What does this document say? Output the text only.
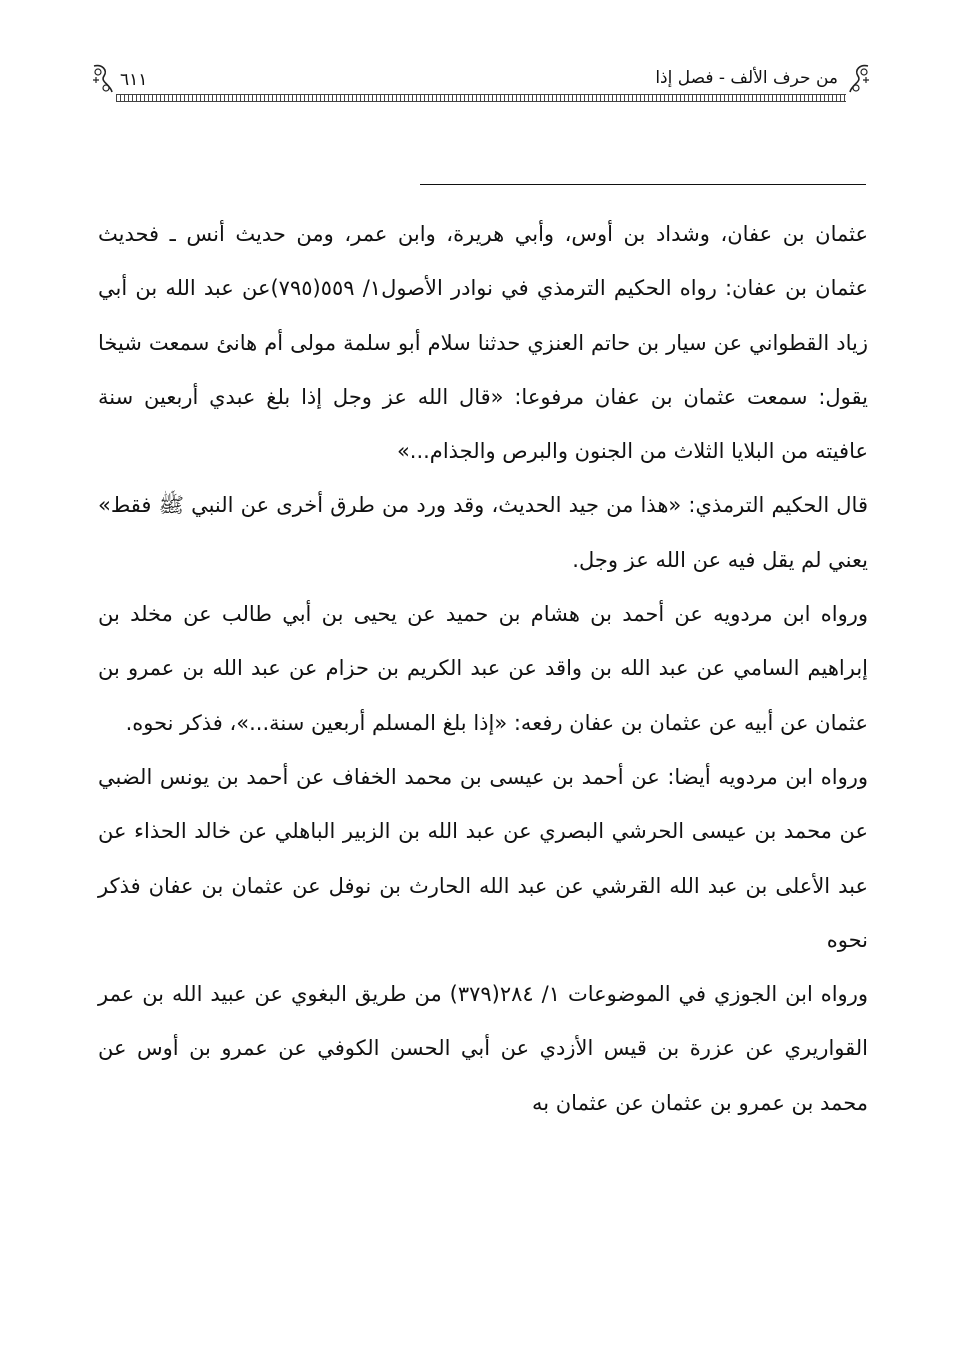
٦١١	من حرف الألف - فصل إذا

عثمان بن عفان، وشداد بن أوس، وأبي هريرة، وابن عمر، ومن حديث أنس ـ فحديث عثمان بن عفان: رواه الحكيم الترمذي في نوادر الأصول١/ ٥٥٩(٧٩٥)عن عبد الله بن أبي زياد القطواني عن سيار بن حاتم العنزي حدثنا سلام أبو سلمة مولى أم هانئ سمعت شيخا يقول: سمعت عثمان بن عفان مرفوعا: «قال الله عز وجل إذا بلغ عبدي أربعين سنة عافيته من البلايا الثلاث من الجنون والبرص والجذام...»

قال الحكيم الترمذي: «هذا من جيد الحديث، وقد ورد من طرق أخرى عن النبي ﷺ فقط» يعني لم يقل فيه عن الله عز وجل.

ورواه ابن مردويه عن أحمد بن هشام بن حميد عن يحيى بن أبي طالب عن مخلد بن إبراهيم السامي عن عبد الله بن واقد عن عبد الكريم بن حزام عن عبد الله بن عمرو بن عثمان عن أبيه عن عثمان بن عفان رفعه: «إذا بلغ المسلم أربعين سنة...»، فذكر نحوه.

ورواه ابن مردويه أيضا: عن أحمد بن عيسى بن محمد الخفاف عن أحمد بن يونس الضبي عن محمد بن عيسى الحرشي البصري عن عبد الله بن الزبير الباهلي عن خالد الحذاء عن عبد الأعلى بن عبد الله القرشي عن عبد الله الحارث بن نوفل عن عثمان بن عفان فذكر نحوه

ورواه ابن الجوزي في الموضوعات ١/ ٢٨٤(٣٧٩) من طريق البغوي عن عبيد الله بن عمر القواريري عن عزرة بن قيس الأزدي عن أبي الحسن الكوفي عن عمرو بن أوس عن محمد بن عمرو بن عثمان عن عثمان به
